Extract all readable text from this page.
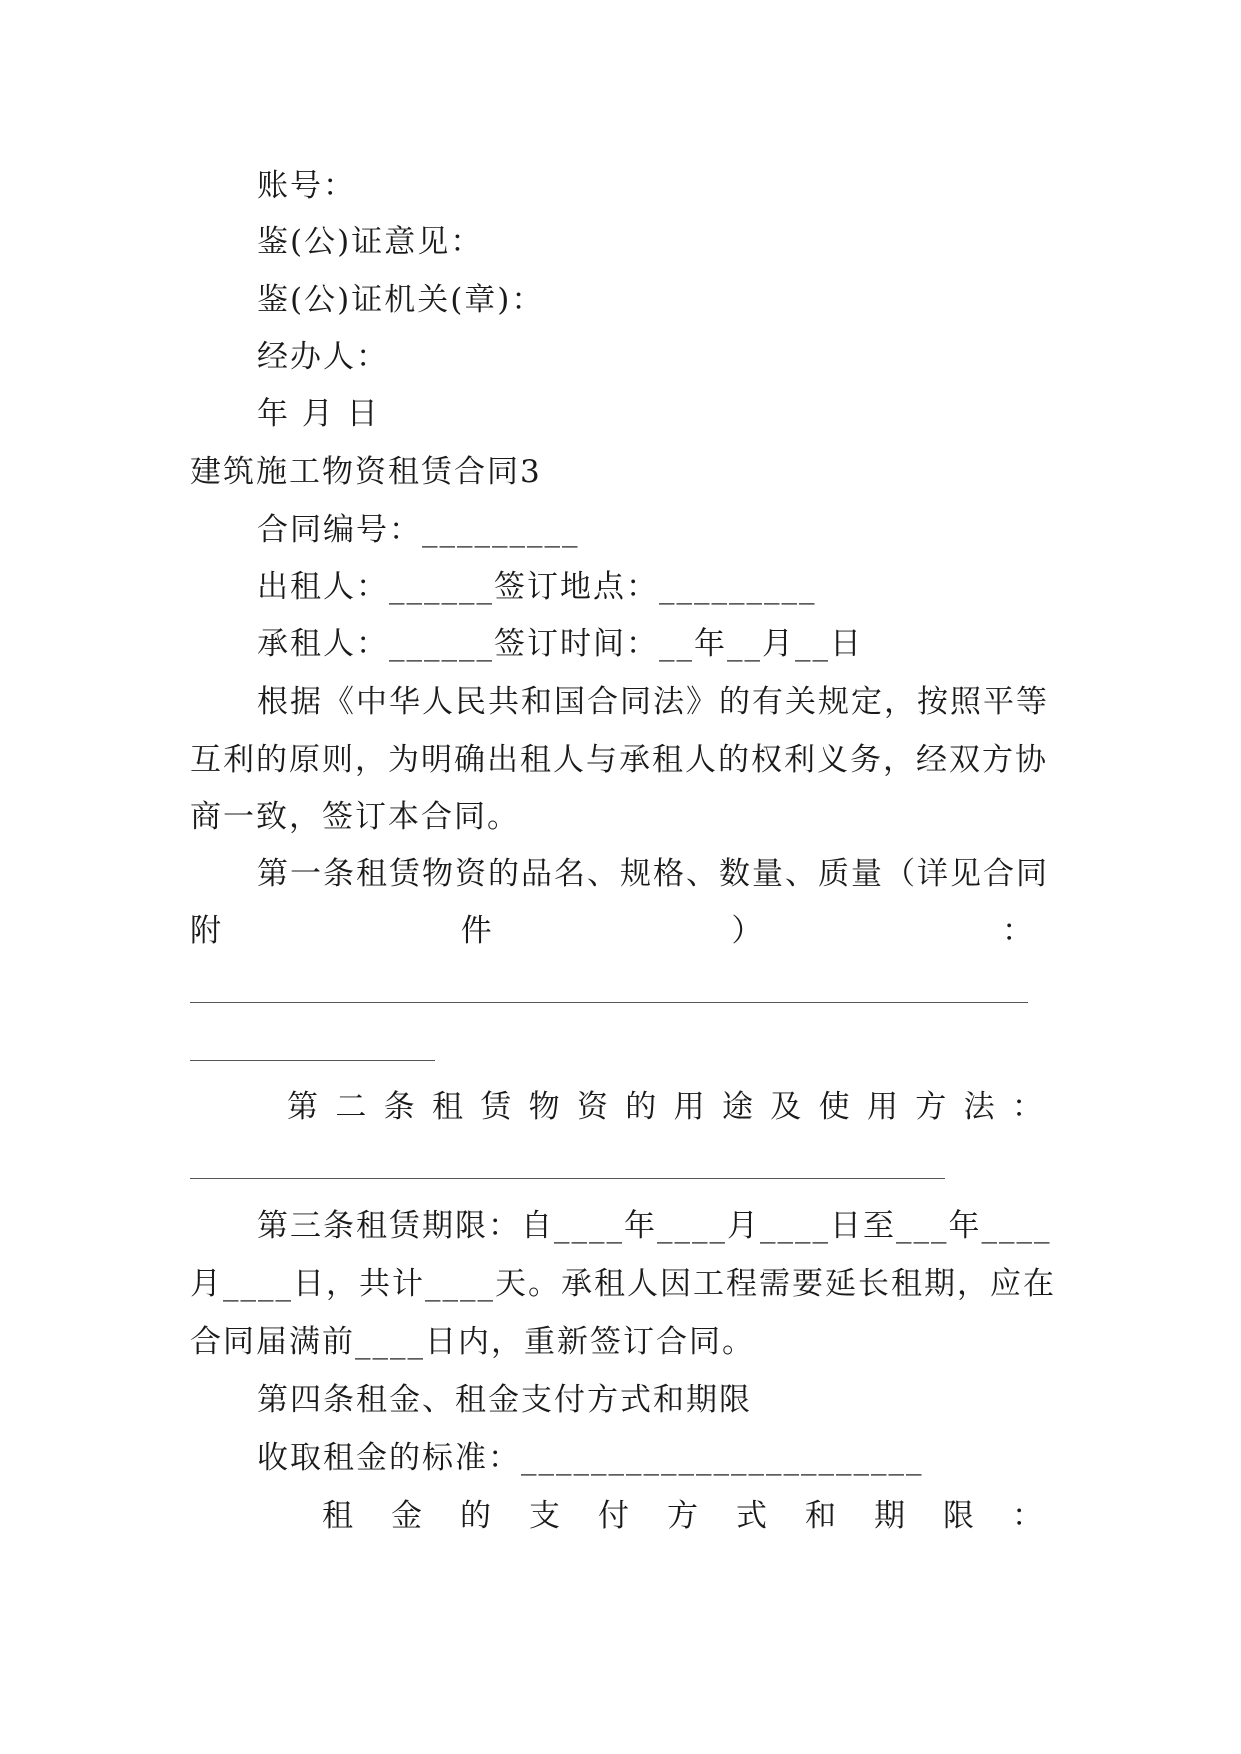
账号：
鉴(公)证意见：
鉴(公)证机关(章)：
经办人：
年 月 日
建筑施工物资租赁合同3
合同编号：_________
出租人：______签订地点：_________
承租人：______签订时间：__年__月__日
根据《中华人民共和国合同法》的有关规定，按照平等
互利的原则，为明确出租人与承租人的权利义务，经双方协
商一致，签订本合同。
第一条租赁物资的品名、规格、数量、质量（详见合同
附	件	）	：
第 二 条 租 赁 物 资 的 用 途 及 使 用 方 法 ：
第三条租赁期限：自____年____月____日至___年____
月____日，共计____天。承租人因工程需要延长租期，应在
合同届满前____日内，重新签订合同。
第四条租金、租金支付方式和期限
收取租金的标准：_______________________
租 金 的 支 付 方 式 和 期 限 ：
